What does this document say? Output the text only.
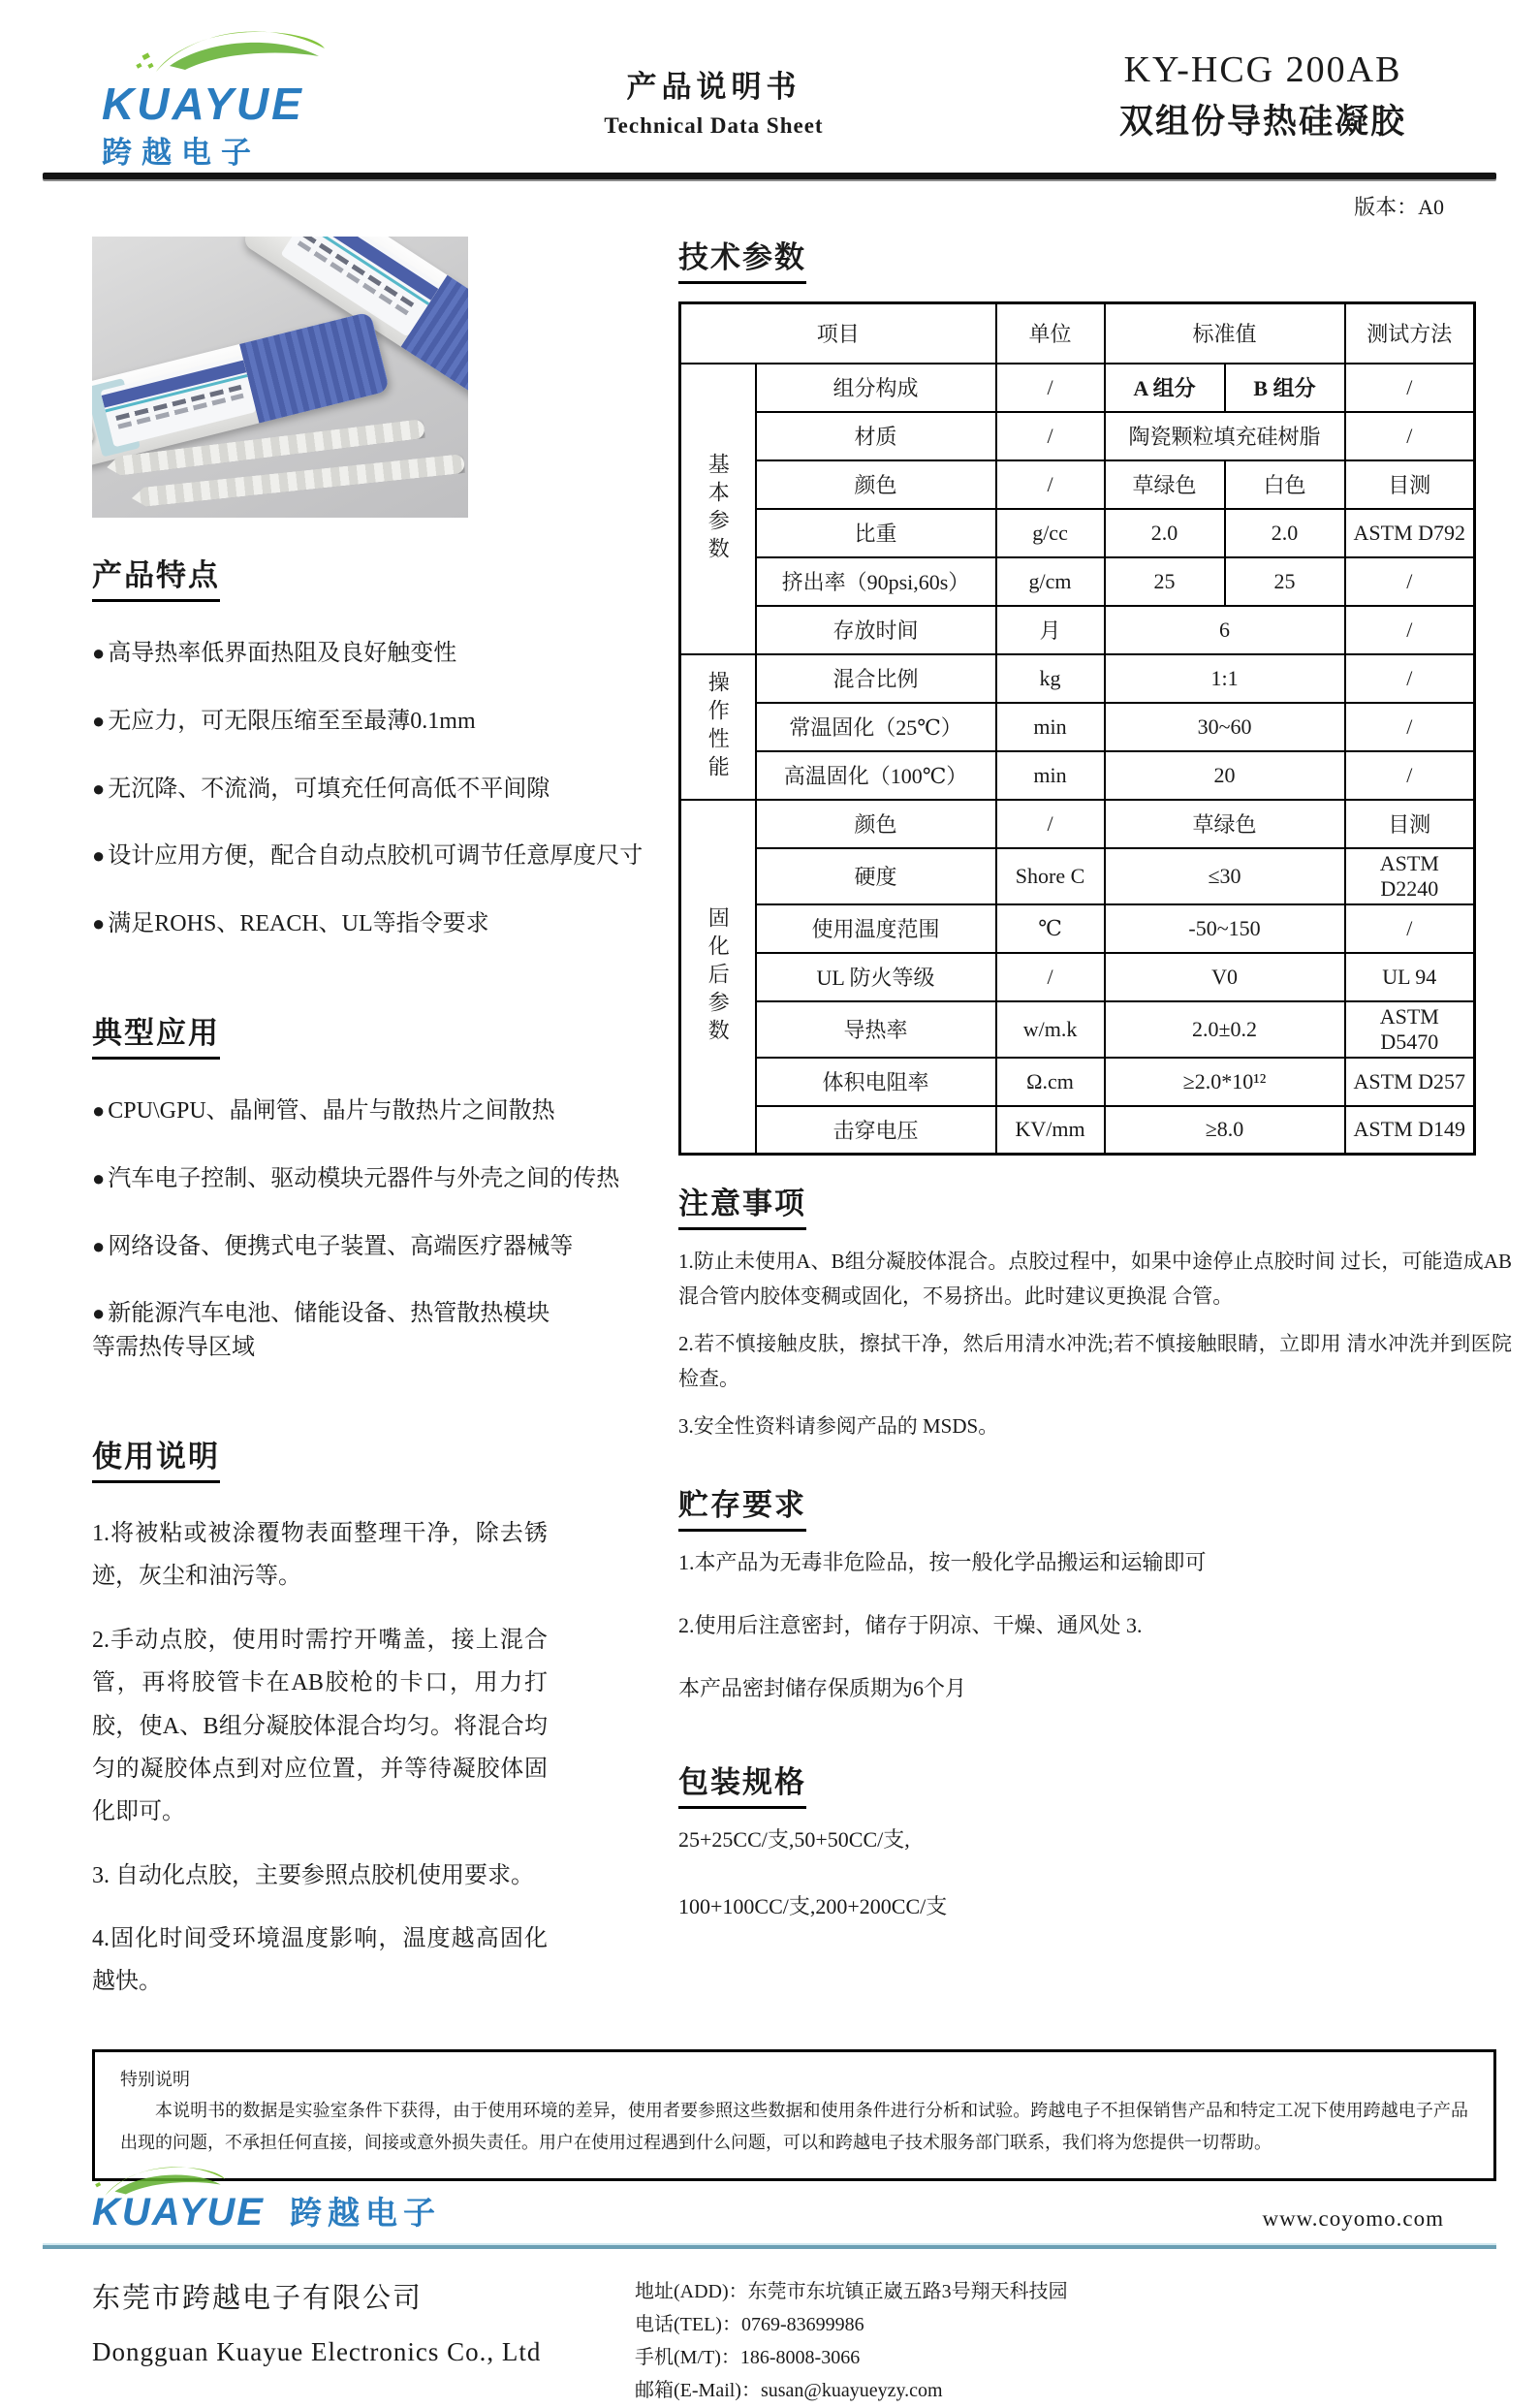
KUAYUE
跨越电子
产品说明书
Technical Data Sheet
KY-HCG 200AB
双组份导热硅凝胶
版本：A0
产品特点
● 高导热率低界面热阻及良好触变性
● 无应力，可无限压缩至至最薄0.1mm
● 无沉降、不流淌，可填充任何高低不平间隙
● 设计应用方便，配合自动点胶机可调节任意厚度尺寸
● 满足ROHS、REACH、UL等指令要求
典型应用
● CPU\GPU、晶闸管、晶片与散热片之间散热
● 汽车电子控制、驱动模块元器件与外壳之间的传热
● 网络设备、便携式电子装置、高端医疗器械等
● 新能源汽车电池、储能设备、热管散热模块等需热传导区域
使用说明

1.将被粘或被涂覆物表面整理干净，除去锈迹，灰尘和油污等。

2.手动点胶，使用时需拧开嘴盖，接上混合管，再将胶管卡在AB胶枪的卡口，用力打胶，使A、B组分凝胶体混合均匀。将混合均匀的凝胶体点到对应位置，并等待凝胶体固化即可。

3. 自动化点胶，主要参照点胶机使用要求。

4.固化时间受环境温度影响，温度越高固化越快。

技术参数
项目		单位	标准值		测试方法
基本参数	组分构成	/	A 组分	B 组分	/
	材质	/	陶瓷颗粒填充硅树脂		/
	颜色	/	草绿色	白色	目测
	比重	g/cc	2.0	2.0	ASTM D792
	挤出率（90psi,60s）	g/cm	25	25	/
	存放时间	月	6		/
操作性能	混合比例	kg	1:1		/
	常温固化（25℃）	min	30~60		/
	高温固化（100℃）	min	20		/
固化后参数	颜色	/	草绿色		目测
	硬度	Shore C	≤30		ASTM D2240
	使用温度范围	℃	-50~150		/
	UL 防火等级	/	V0		UL 94
	导热率	w/m.k	2.0±0.2		ASTM D5470
	体积电阻率	Ω.cm	≥2.0*10¹²		ASTM D257
	击穿电压	KV/mm	≥8.0		ASTM D149
注意事项

1.防止未使用A、B组分凝胶体混合。点胶过程中，如果中途停止点胶时间 过长，可能造成AB混合管内胶体变稠或固化，不易挤出。此时建议更换混 合管。

2.若不慎接触皮肤，擦拭干净，然后用清水冲洗;若不慎接触眼睛，立即用 清水冲洗并到医院检查。

3.安全性资料请参阅产品的 MSDS。

贮存要求

1.本产品为无毒非危险品，按一般化学品搬运和运输即可

2.使用后注意密封，储存于阴凉、干燥、通风处 3.

本产品密封储存保质期为6个月

包装规格

25+25CC/支,50+50CC/支,

100+100CC/支,200+200CC/支

特别说明
本说明书的数据是实验室条件下获得，由于使用环境的差异，使用者要参照这些数据和使用条件进行分析和试验。跨越电子不担保销售产品和特定工况下使用跨越电子产品出现的问题，不承担任何直接，间接或意外损失责任。用户在使用过程遇到什么问题，可以和跨越电子技术服务部门联系，我们将为您提供一切帮助。
KUAYUE 跨越电子	www.coyomo.com
东莞市跨越电子有限公司
Dongguan Kuayue Electronics Co., Ltd
地址(ADD)：东莞市东坑镇正崴五路3号翔天科技园
电话(TEL)：0769-83699986
手机(M/T)：186-8008-3066
邮箱(E-Mail)：susan@kuayueyzy.com
